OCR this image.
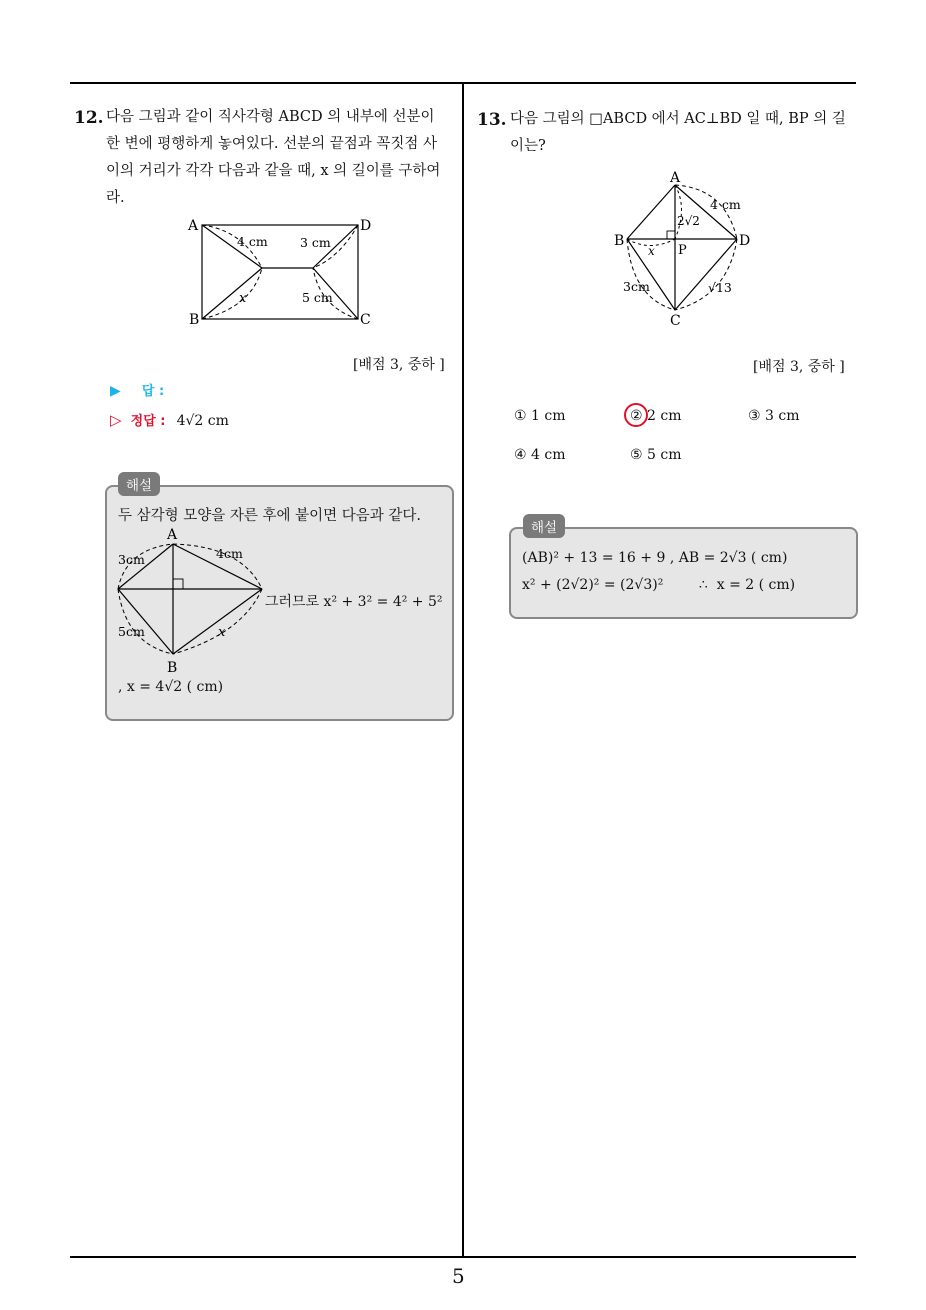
5
12. 다음 그림과 같이 직사각형 ABCD 의 내부에 선분이
한 변에 평행하게 놓여있다. 선분의 끝점과 꼭짓점 사
이의 거리가 각각 다음과 같을 때, x 의 길이를 구하여
라.
A	D
B	C
4 cm	3 cm
5 cm
x
[배점 3, 중하 ]
▶ 답 :
▷ 정답 : 4√2 cm
해설
두 삼각형 모양을 자른 후에 붙이면 다음과 같다.
A
B
3cm	4cm
5cm	x
그러므로 x² + 3² = 4² + 5²
, x = 4√2 ( cm)
13. 다음 그림의 □ABCD 에서 AC⊥BD 일 때, BP 의 길
이는?
A
B
C
D
P
4 cm
2√2
3cm	√13
x
[배점 3, 중하 ]
① 1 cm	② 2 cm	③ 3 cm
④ 4 cm	⑤ 5 cm
해설
(AB)² + 13 = 16 + 9 , AB = 2√3 ( cm)
x² + (2√2)² = (2√3)²        ∴  x = 2 ( cm)
